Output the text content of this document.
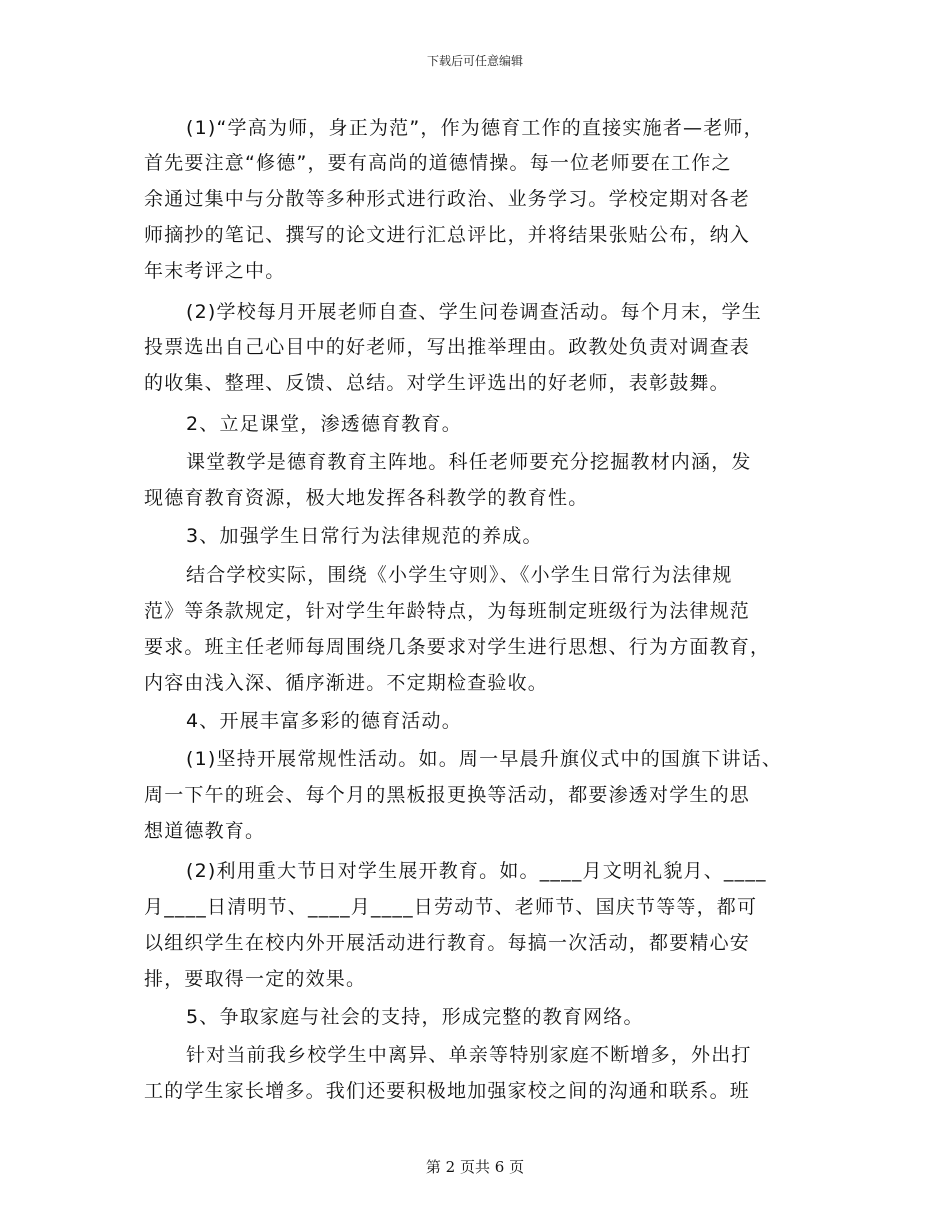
下载后可任意编辑
(1)“学高为师，身正为范”，作为德育工作的直接实施者—老师，
首先要注意“修德”，要有高尚的道德情操。每一位老师要在工作之
余通过集中与分散等多种形式进行政治、业务学习。学校定期对各老
师摘抄的笔记、撰写的论文进行汇总评比，并将结果张贴公布，纳入
年末考评之中。
(2)学校每月开展老师自查、学生问卷调查活动。每个月末，学生
投票选出自己心目中的好老师，写出推举理由。政教处负责对调查表
的收集、整理、反馈、总结。对学生评选出的好老师，表彰鼓舞。
2、立足课堂，渗透德育教育。
课堂教学是德育教育主阵地。科任老师要充分挖掘教材内涵，发
现德育教育资源，极大地发挥各科教学的教育性。
3、加强学生日常行为法律规范的养成。
结合学校实际，围绕《小学生守则》、《小学生日常行为法律规
范》等条款规定，针对学生年龄特点，为每班制定班级行为法律规范
要求。班主任老师每周围绕几条要求对学生进行思想、行为方面教育，
内容由浅入深、循序渐进。不定期检查验收。
4、开展丰富多彩的德育活动。
(1)坚持开展常规性活动。如。周一早晨升旗仪式中的国旗下讲话、
周一下午的班会、每个月的黑板报更换等活动，都要渗透对学生的思
想道德教育。
(2)利用重大节日对学生展开教育。如。____月文明礼貌月、____
月____日清明节、____月____日劳动节、老师节、国庆节等等，都可
以组织学生在校内外开展活动进行教育。每搞一次活动，都要精心安
排，要取得一定的效果。
5、争取家庭与社会的支持，形成完整的教育网络。
针对当前我乡校学生中离异、单亲等特别家庭不断增多，外出打
工的学生家长增多。我们还要积极地加强家校之间的沟通和联系。班
第 2 页共 6 页
